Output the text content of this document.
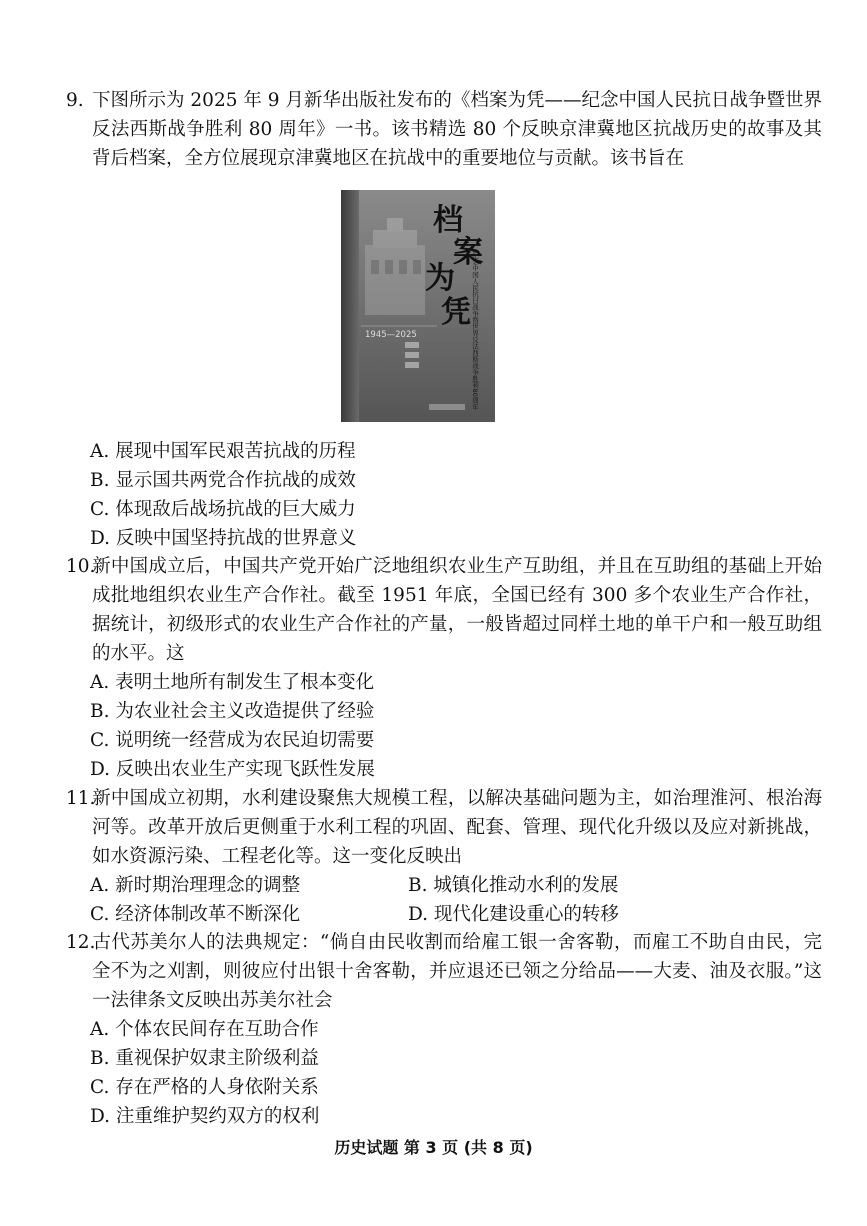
9. 下图所示为 2025 年 9 月新华出版社发布的《档案为凭——纪念中国人民抗日战争暨世界反法西斯战争胜利 80 周年》一书。该书精选 80 个反映京津冀地区抗战历史的故事及其背后档案，全方位展现京津冀地区在抗战中的重要地位与贡献。该书旨在

1945—2025
档
案
为
凭 纪念中国人民抗日战争暨世界反法西斯战争胜利80周年

A. 展现中国军民艰苦抗战的历程

B. 显示国共两党合作抗战的成效

C. 体现敌后战场抗战的巨大威力

D. 反映中国坚持抗战的世界意义

10.新中国成立后，中国共产党开始广泛地组织农业生产互助组，并且在互助组的基础上开始成批地组织农业生产合作社。截至 1951 年底，全国已经有 300 多个农业生产合作社，据统计，初级形式的农业生产合作社的产量，一般皆超过同样土地的单干户和一般互助组的水平。这

A. 表明土地所有制发生了根本变化

B. 为农业社会主义改造提供了经验

C. 说明统一经营成为农民迫切需要

D. 反映出农业生产实现飞跃性发展

11.新中国成立初期，水利建设聚焦大规模工程，以解决基础问题为主，如治理淮河、根治海河等。改革开放后更侧重于水利工程的巩固、配套、管理、现代化升级以及应对新挑战，如水资源污染、工程老化等。这一变化反映出

A. 新时期治理理念的调整	B. 城镇化推动水利的发展

C. 经济体制改革不断深化	D. 现代化建设重心的转移

12.古代苏美尔人的法典规定：“倘自由民收割而给雇工银一舍客勒，而雇工不助自由民，完全不为之刈割，则彼应付出银十舍客勒，并应退还已领之分给品——大麦、油及衣服。”这一法律条文反映出苏美尔社会

A. 个体农民间存在互助合作

B. 重视保护奴隶主阶级利益

C. 存在严格的人身依附关系

D. 注重维护契约双方的权利

历史试题 第 3 页 (共 8 页)
